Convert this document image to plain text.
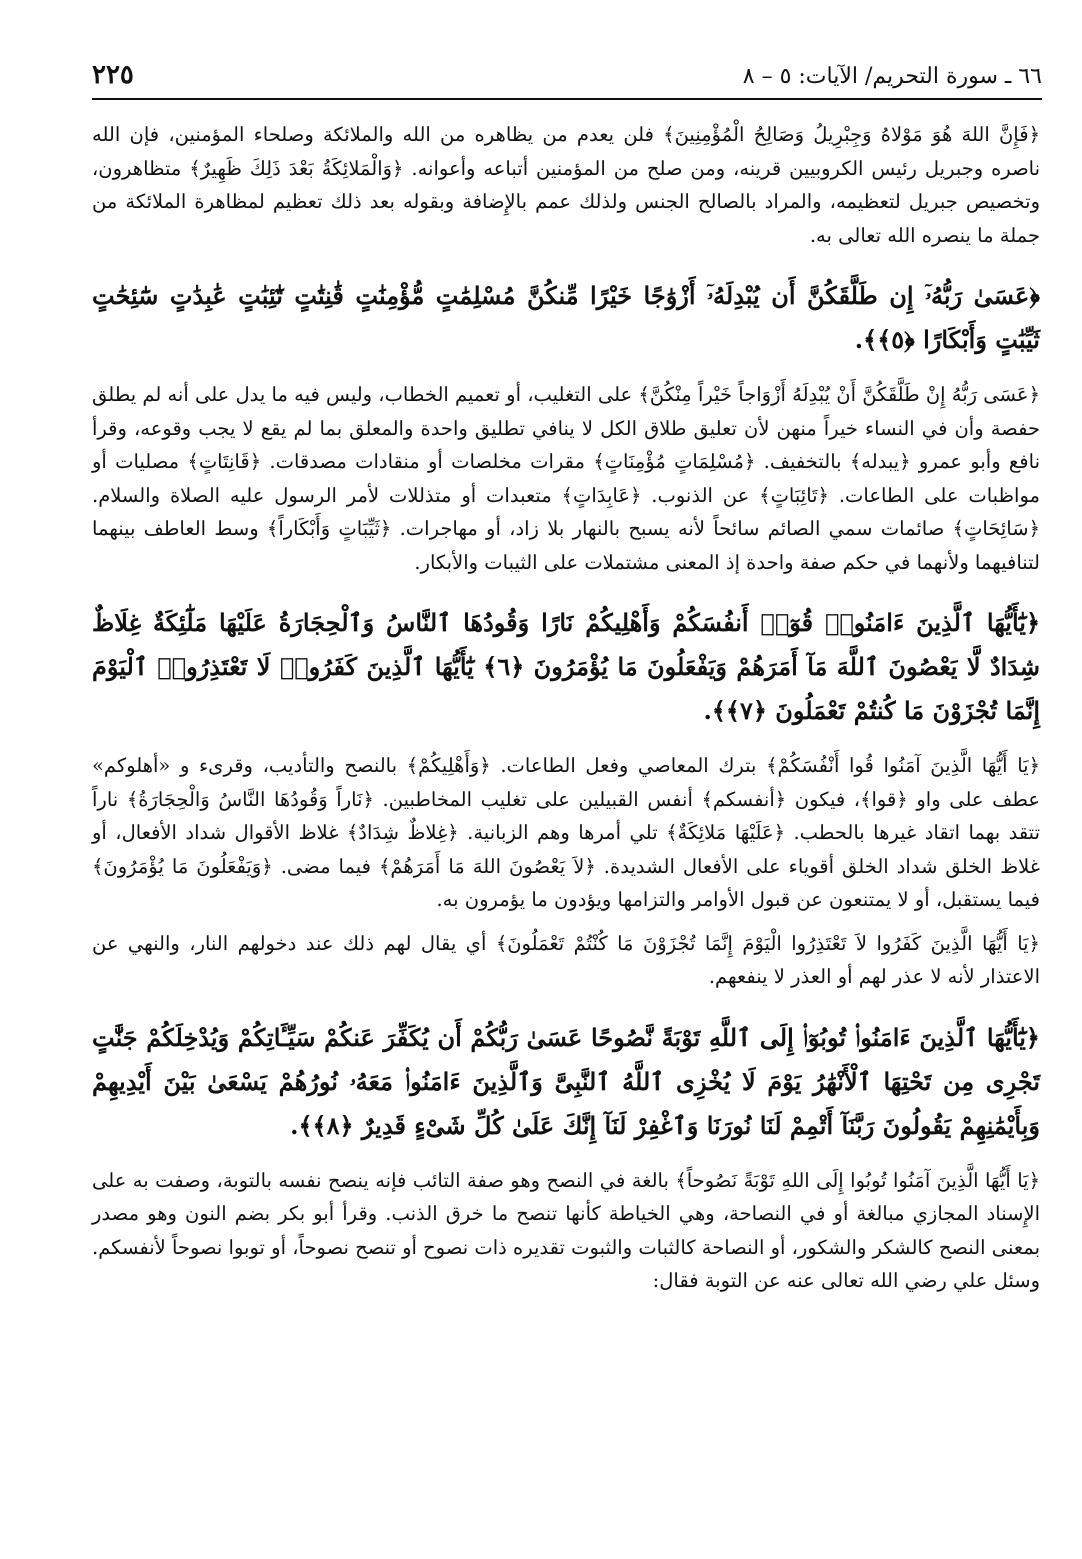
٢٢٥	٦٦ ـ سورة التحريم/ الآيات: ٥ – ٨

﴿فَإِنَّ اللهَ هُوَ مَوْلاهُ وَجِبْرِيلُ وَصَالِحُ الْمُؤْمِنِينَ﴾ فلن يعدم من يظاهره من الله والملائكة وصلحاء المؤمنين، فإن الله ناصره وجبريل رئيس الكروبيين قرينه، ومن صلح من المؤمنين أتباعه وأعوانه. ﴿وَالْمَلائِكَةُ بَعْدَ ذَلِكَ ظَهِيرٌ﴾ متظاهرون، وتخصيص جبريل لتعظيمه، والمراد بالصالح الجنس ولذلك عمم بالإِضافة وبقوله بعد ذلك تعظيم لمظاهرة الملائكة من جملة ما ينصره الله تعالى به.

﴿عَسَىٰ رَبُّهُۥٓ إِن طَلَّقَكُنَّ أَن يُبْدِلَهُۥٓ أَزْوَٰجًا خَيْرًا مِّنكُنَّ مُسْلِمَٰتٍ مُّؤْمِنَٰتٍ قَٰنِتَٰتٍ تَٰٓئِبَٰتٍ عَٰبِدَٰتٍ سَٰٓئِحَٰتٍ ثَيِّبَٰتٍ وَأَبْكَارًا ﴿٥﴾﴾.

﴿عَسَى رَبُّهُ إِنْ طَلَّقَكُنَّ أَنْ يُبْدِلَهُ أَزْوَاجاً خَيْراً مِنْكُنَّ﴾ على التغليب، أو تعميم الخطاب، وليس فيه ما يدل على أنه لم يطلق حفصة وأن في النساء خيراً منهن لأن تعليق طلاق الكل لا ينافي تطليق واحدة والمعلق بما لم يقع لا يجب وقوعه، وقرأ نافع وأبو عمرو ﴿يبدله﴾ بالتخفيف. ﴿مُسْلِمَاتٍ مُؤْمِنَاتٍ﴾ مقرات مخلصات أو منقادات مصدقات. ﴿قَانِتَاتٍ﴾ مصليات أو مواظبات على الطاعات. ﴿تَائِبَاتٍ﴾ عن الذنوب. ﴿عَابِدَاتٍ﴾ متعبدات أو متذللات لأمر الرسول عليه الصلاة والسلام. ﴿سَائِحَاتٍ﴾ صائمات سمي الصائم سائحاً لأنه يسبح بالنهار بلا زاد، أو مهاجرات. ﴿ثَيِّبَاتٍ وَأَبْكَاراً﴾ وسط العاطف بينهما لتنافيهما ولأنهما في حكم صفة واحدة إذ المعنى مشتملات على الثيبات والأبكار.

﴿يَٰٓأَيُّهَا ٱلَّذِينَ ءَامَنُوا۟ قُوٓا۟ أَنفُسَكُمْ وَأَهْلِيكُمْ نَارًا وَقُودُهَا ٱلنَّاسُ وَٱلْحِجَارَةُ عَلَيْهَا مَلَٰٓئِكَةٌ غِلَاظٌ شِدَادٌ لَّا يَعْصُونَ ٱللَّهَ مَآ أَمَرَهُمْ وَيَفْعَلُونَ مَا يُؤْمَرُونَ ﴿٦﴾ يَٰٓأَيُّهَا ٱلَّذِينَ كَفَرُوا۟ لَا تَعْتَذِرُوا۟ ٱلْيَوْمَ إِنَّمَا تُجْزَوْنَ مَا كُنتُمْ تَعْمَلُونَ ﴿٧﴾﴾.

﴿يَا أَيُّهَا الَّذِينَ آمَنُوا قُوا أَنْفُسَكُمْ﴾ بترك المعاصي وفعل الطاعات. ﴿وَأَهْلِيكُمْ﴾ بالنصح والتأديب، وقرىء و «أهلوكم» عطف على واو ﴿قوا﴾، فيكون ﴿أنفسكم﴾ أنفس القبيلين على تغليب المخاطبين. ﴿نَاراً وَقُودُهَا النَّاسُ وَالْحِجَارَةُ﴾ ناراً تتقد بهما اتقاد غيرها بالحطب. ﴿عَلَيْهَا مَلائِكَةٌ﴾ تلي أمرها وهم الزبانية. ﴿غِلاظٌ شِدَادٌ﴾ غلاظ الأقوال شداد الأفعال، أو غلاظ الخلق شداد الخلق أقوياء على الأفعال الشديدة. ﴿لاَ يَعْصُونَ اللهَ مَا أَمَرَهُمْ﴾ فيما مضى. ﴿وَيَفْعَلُونَ مَا يُؤْمَرُونَ﴾ فيما يستقبل، أو لا يمتنعون عن قبول الأوامر والتزامها ويؤدون ما يؤمرون به.

﴿يَا أَيُّهَا الَّذِينَ كَفَرُوا لاَ تَعْتَذِرُوا الْيَوْمَ إِنَّمَا تُجْزَوْنَ مَا كُنْتُمْ تَعْمَلُونَ﴾ أي يقال لهم ذلك عند دخولهم النار، والنهي عن الاعتذار لأنه لا عذر لهم أو العذر لا ينفعهم.

﴿يَٰٓأَيُّهَا ٱلَّذِينَ ءَامَنُوا۟ تُوبُوٓا۟ إِلَى ٱللَّهِ تَوْبَةً نَّصُوحًا عَسَىٰ رَبُّكُمْ أَن يُكَفِّرَ عَنكُمْ سَيِّـَٔاتِكُمْ وَيُدْخِلَكُمْ جَنَّٰتٍ تَجْرِى مِن تَحْتِهَا ٱلْأَنْهَٰرُ يَوْمَ لَا يُخْزِى ٱللَّهُ ٱلنَّبِىَّ وَٱلَّذِينَ ءَامَنُوا۟ مَعَهُۥ نُورُهُمْ يَسْعَىٰ بَيْنَ أَيْدِيهِمْ وَبِأَيْمَٰنِهِمْ يَقُولُونَ رَبَّنَآ أَتْمِمْ لَنَا نُورَنَا وَٱغْفِرْ لَنَآ إِنَّكَ عَلَىٰ كُلِّ شَىْءٍ قَدِيرٌ ﴿٨﴾﴾.

﴿يَا أَيُّهَا الَّذِينَ آمَنُوا تُوبُوا إِلَى اللهِ تَوْبَةً نَصُوحاً﴾ بالغة في النصح وهو صفة التائب فإنه ينصح نفسه بالتوبة، وصفت به على الإِسناد المجازي مبالغة أو في النصاحة، وهي الخياطة كأنها تنصح ما خرق الذنب. وقرأ أبو بكر بضم النون وهو مصدر بمعنى النصح كالشكر والشكور، أو النصاحة كالثبات والثبوت تقديره ذات نصوح أو تنصح نصوحاً، أو توبوا نصوحاً لأنفسكم. وسئل علي رضي الله تعالى عنه عن التوبة فقال:
